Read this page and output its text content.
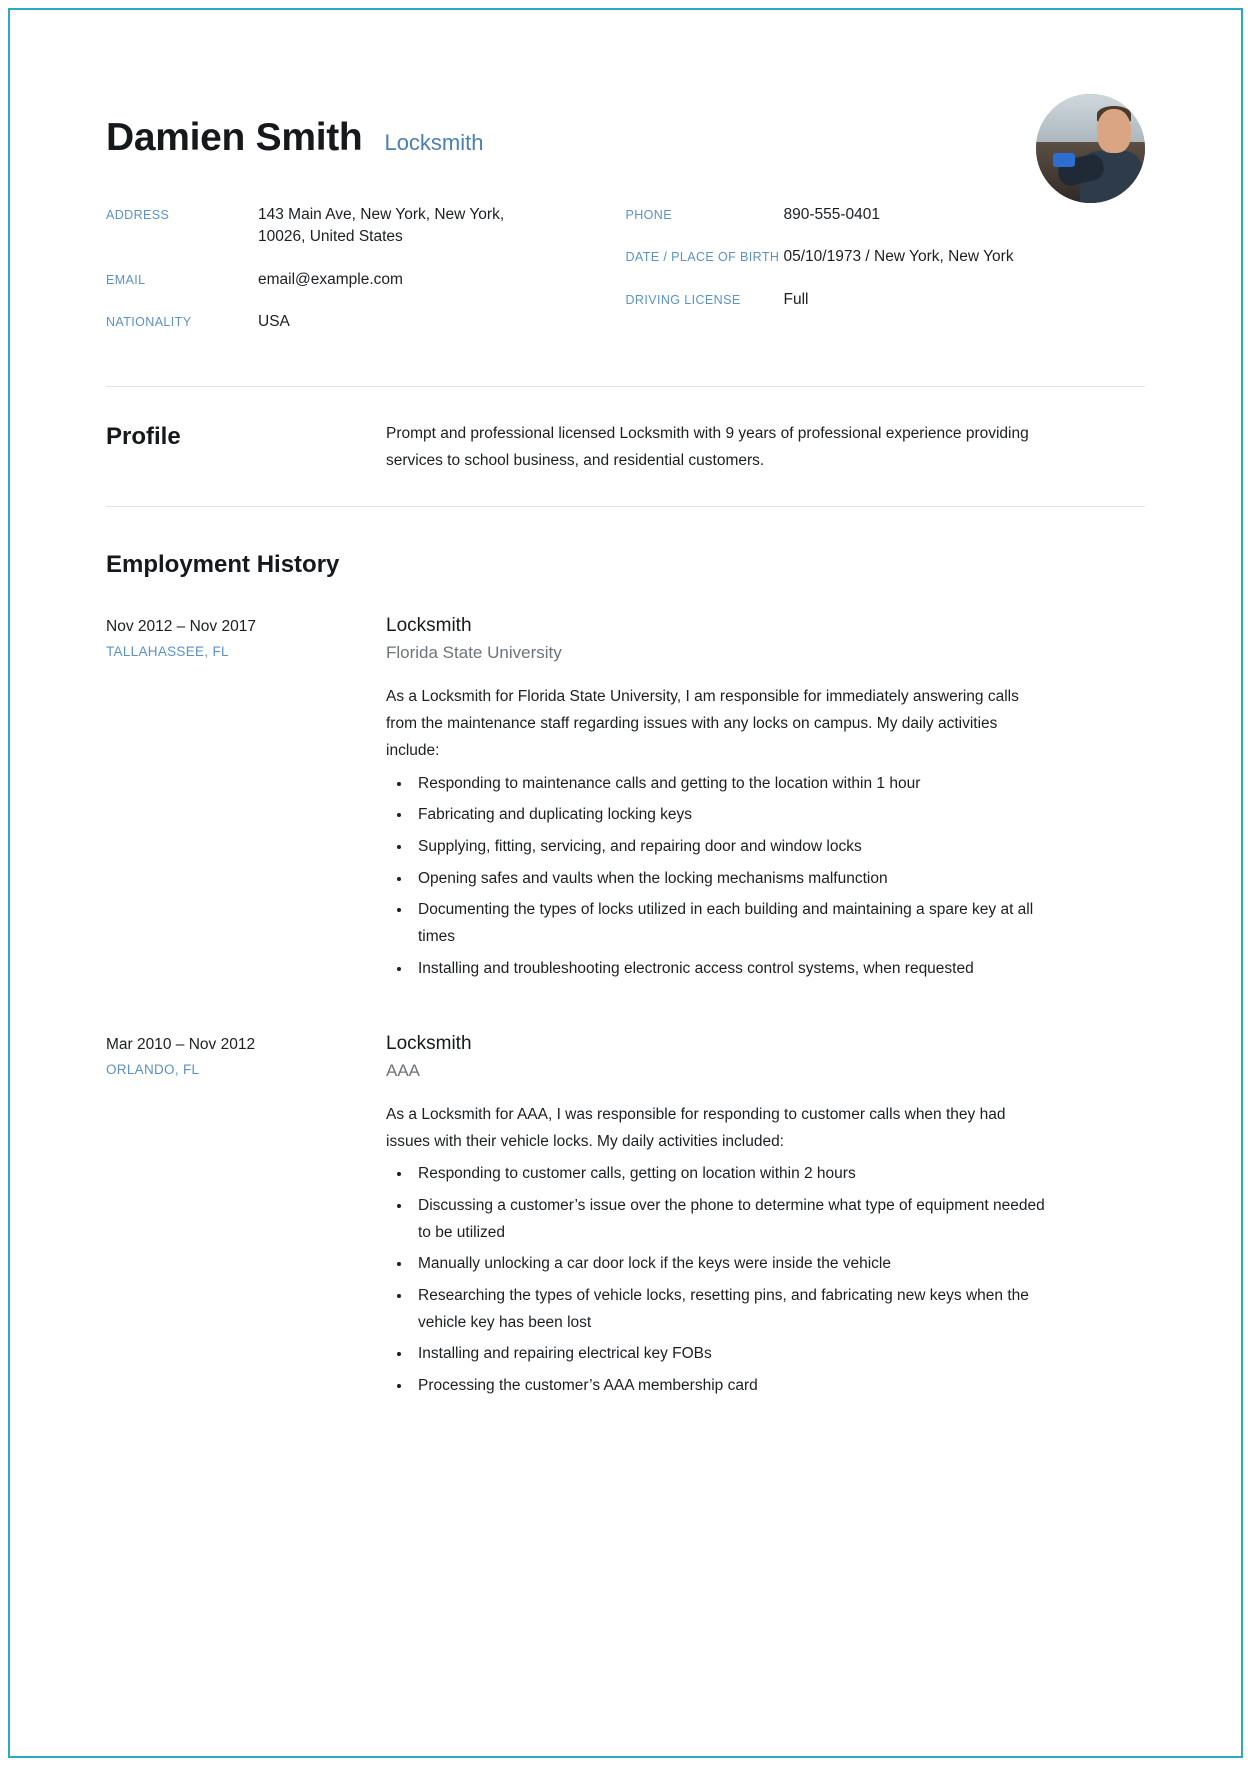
Damien Smith Locksmith
ADDRESS	143 Main Ave, New York, New York, 10026, United States
EMAIL	email@example.com
NATIONALITY	USA
PHONE	890-555-0401
DATE / PLACE OF BIRTH 05/10/1973 / New York, New York
DRIVING LICENSE	Full
Profile	Prompt and professional licensed Locksmith with 9 years of professional experience providing services to school business, and residential customers.
Employment History
Nov 2012 – Nov 2017
TALLAHASSEE, FL
Locksmith
Florida State University
As a Locksmith for Florida State University, I am responsible for immediately answering calls from the maintenance staff regarding issues with any locks on campus. My daily activities include:
• Responding to maintenance calls and getting to the location within 1 hour
• Fabricating and duplicating locking keys
• Supplying, fitting, servicing, and repairing door and window locks
• Opening safes and vaults when the locking mechanisms malfunction
• Documenting the types of locks utilized in each building and maintaining a spare key at all times
• Installing and troubleshooting electronic access control systems, when requested
Mar 2010 – Nov 2012
ORLANDO, FL
Locksmith
AAA
As a Locksmith for AAA, I was responsible for responding to customer calls when they had issues with their vehicle locks. My daily activities included:
• Responding to customer calls, getting on location within 2 hours
• Discussing a customer’s issue over the phone to determine what type of equipment needed to be utilized
• Manually unlocking a car door lock if the keys were inside the vehicle
• Researching the types of vehicle locks, resetting pins, and fabricating new keys when the vehicle key has been lost
• Installing and repairing electrical key FOBs
• Processing the customer’s AAA membership card
